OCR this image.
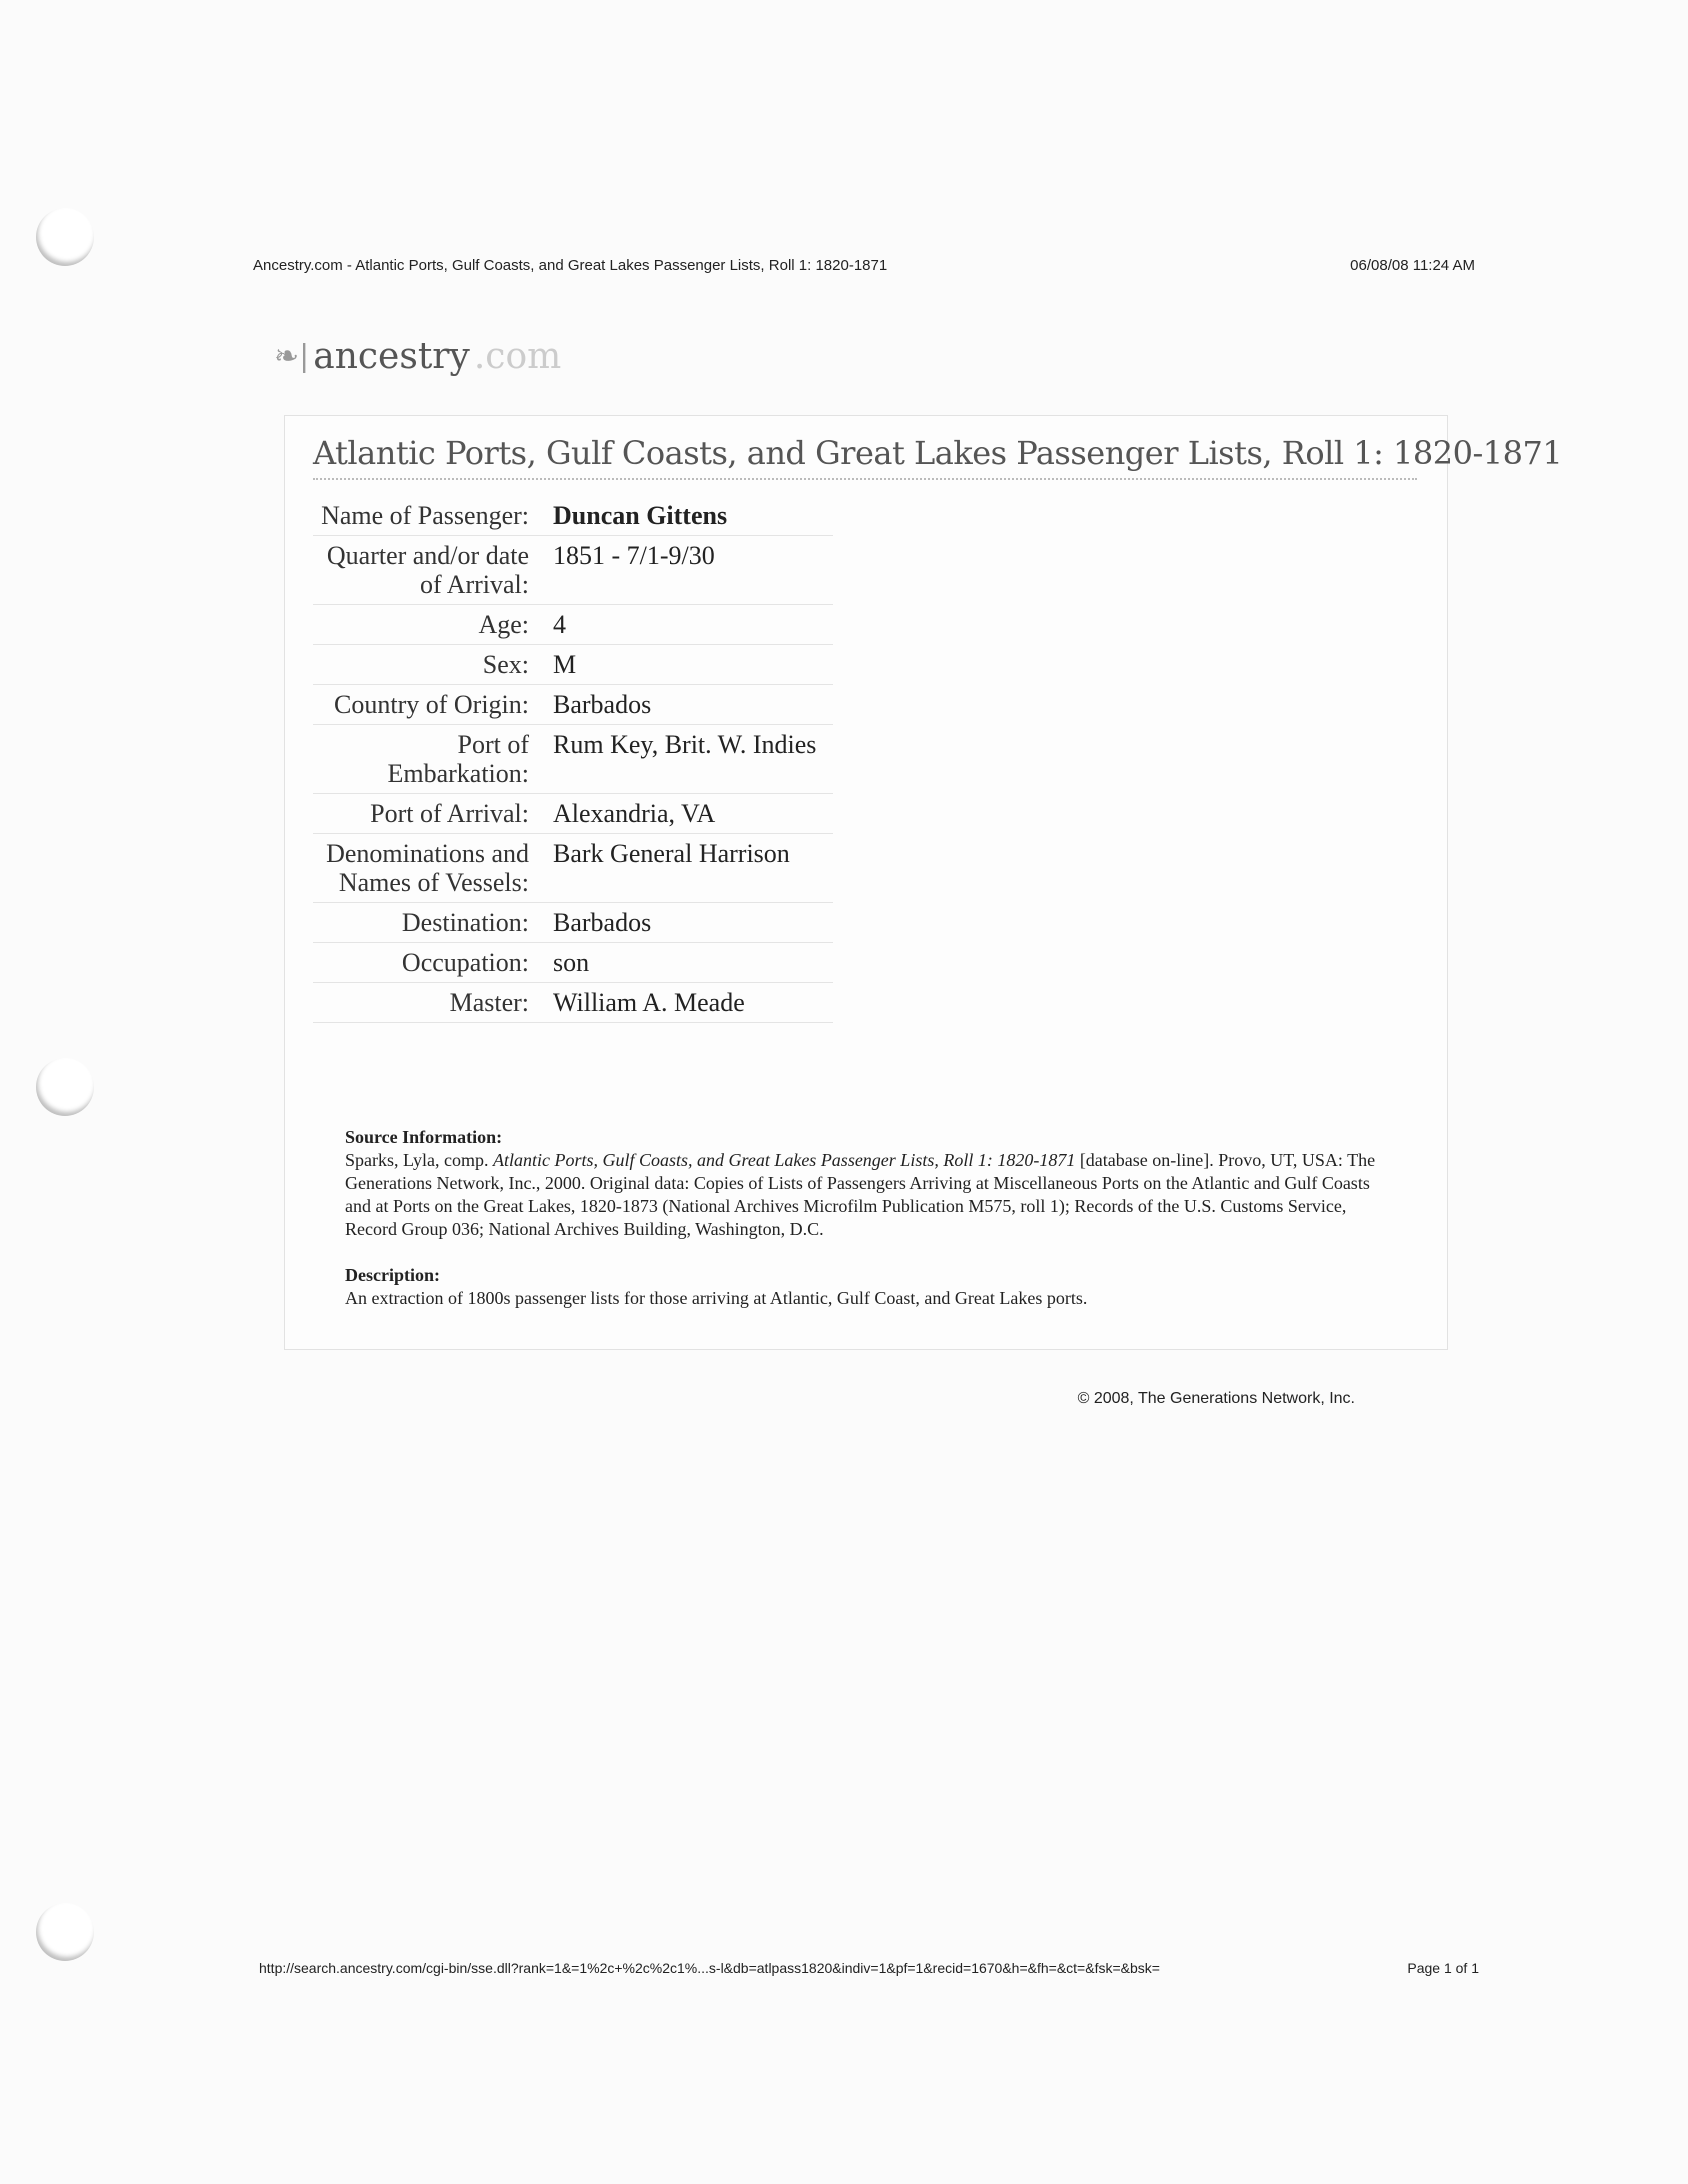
Ancestry.com - Atlantic Ports, Gulf Coasts, and Great Lakes Passenger Lists, Roll 1: 1820-1871	06/08/08 11:24 AM
❧| ancestry .com
Atlantic Ports, Gulf Coasts, and Great Lakes Passenger Lists, Roll 1: 1820-1871
Name of Passenger:	Duncan Gittens
Quarter and/or date of Arrival:	1851 - 7/1-9/30
Age:	4
Sex:	M
Country of Origin:	Barbados
Port of Embarkation:	Rum Key, Brit. W. Indies
Port of Arrival:	Alexandria, VA
Denominations and Names of Vessels:	Bark General Harrison
Destination:	Barbados
Occupation:	son
Master:	William A. Meade
Source Information:
Sparks, Lyla, comp. Atlantic Ports, Gulf Coasts, and Great Lakes Passenger Lists, Roll 1: 1820-1871 [database on-line]. Provo, UT, USA: The Generations Network, Inc., 2000. Original data: Copies of Lists of Passengers Arriving at Miscellaneous Ports on the Atlantic and Gulf Coasts and at Ports on the Great Lakes, 1820-1873 (National Archives Microfilm Publication M575, roll 1); Records of the U.S. Customs Service, Record Group 036; National Archives Building, Washington, D.C.
Description:
An extraction of 1800s passenger lists for those arriving at Atlantic, Gulf Coast, and Great Lakes ports.
© 2008, The Generations Network, Inc.
http://search.ancestry.com/cgi-bin/sse.dll?rank=1&=1%2c+%2c%2c1%...s-l&db=atlpass1820&indiv=1&pf=1&recid=1670&h=&fh=&ct=&fsk=&bsk=	Page 1 of 1
